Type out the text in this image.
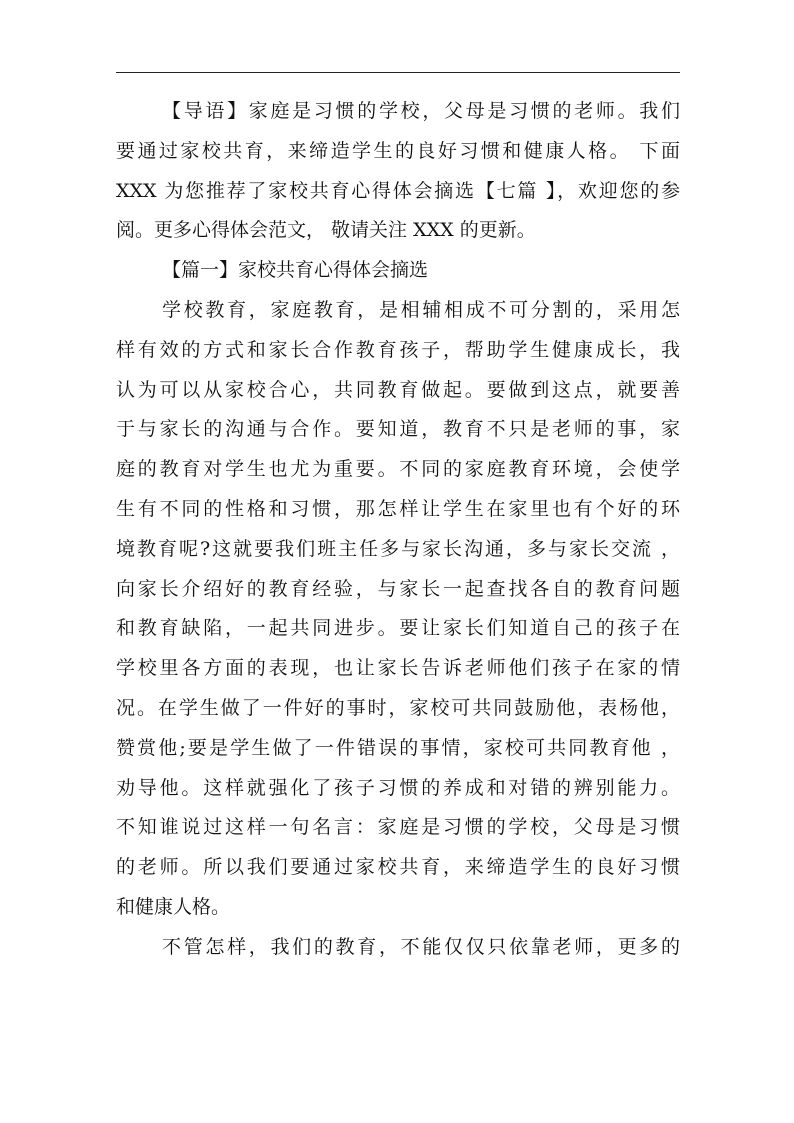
【导语】家庭是习惯的学校，父母是习惯的老师。我们
要通过家校共育，来缔造学生的良好习惯和健康人格。 下面
XXX 为您推荐了家校共育心得体会摘选【七篇 】，欢迎您的参
阅。更多心得体会范文， 敬请关注 XXX 的更新。
【篇一】家校共育心得体会摘选
学校教育，家庭教育，是相辅相成不可分割的，采用怎
样有效的方式和家长合作教育孩子，帮助学生健康成长，我
认为可以从家校合心，共同教育做起。要做到这点，就要善
于与家长的沟通与合作。要知道，教育不只是老师的事，家
庭的教育对学生也尤为重要。不同的家庭教育环境，会使学
生有不同的性格和习惯，那怎样让学生在家里也有个好的环
境教育呢?这就要我们班主任多与家长沟通，多与家长交流 ，
向家长介绍好的教育经验，与家长一起查找各自的教育问题
和教育缺陷，一起共同进步。要让家长们知道自己的孩子在
学校里各方面的表现，也让家长告诉老师他们孩子在家的情
况。在学生做了一件好的事时，家校可共同鼓励他，表杨他，
赞赏他;要是学生做了一件错误的事情，家校可共同教育他 ，
劝导他。这样就强化了孩子习惯的养成和对错的辨别能力。
不知谁说过这样一句名言：家庭是习惯的学校，父母是习惯
的老师。所以我们要通过家校共育，来缔造学生的良好习惯
和健康人格。
不管怎样，我们的教育，不能仅仅只依靠老师，更多的
